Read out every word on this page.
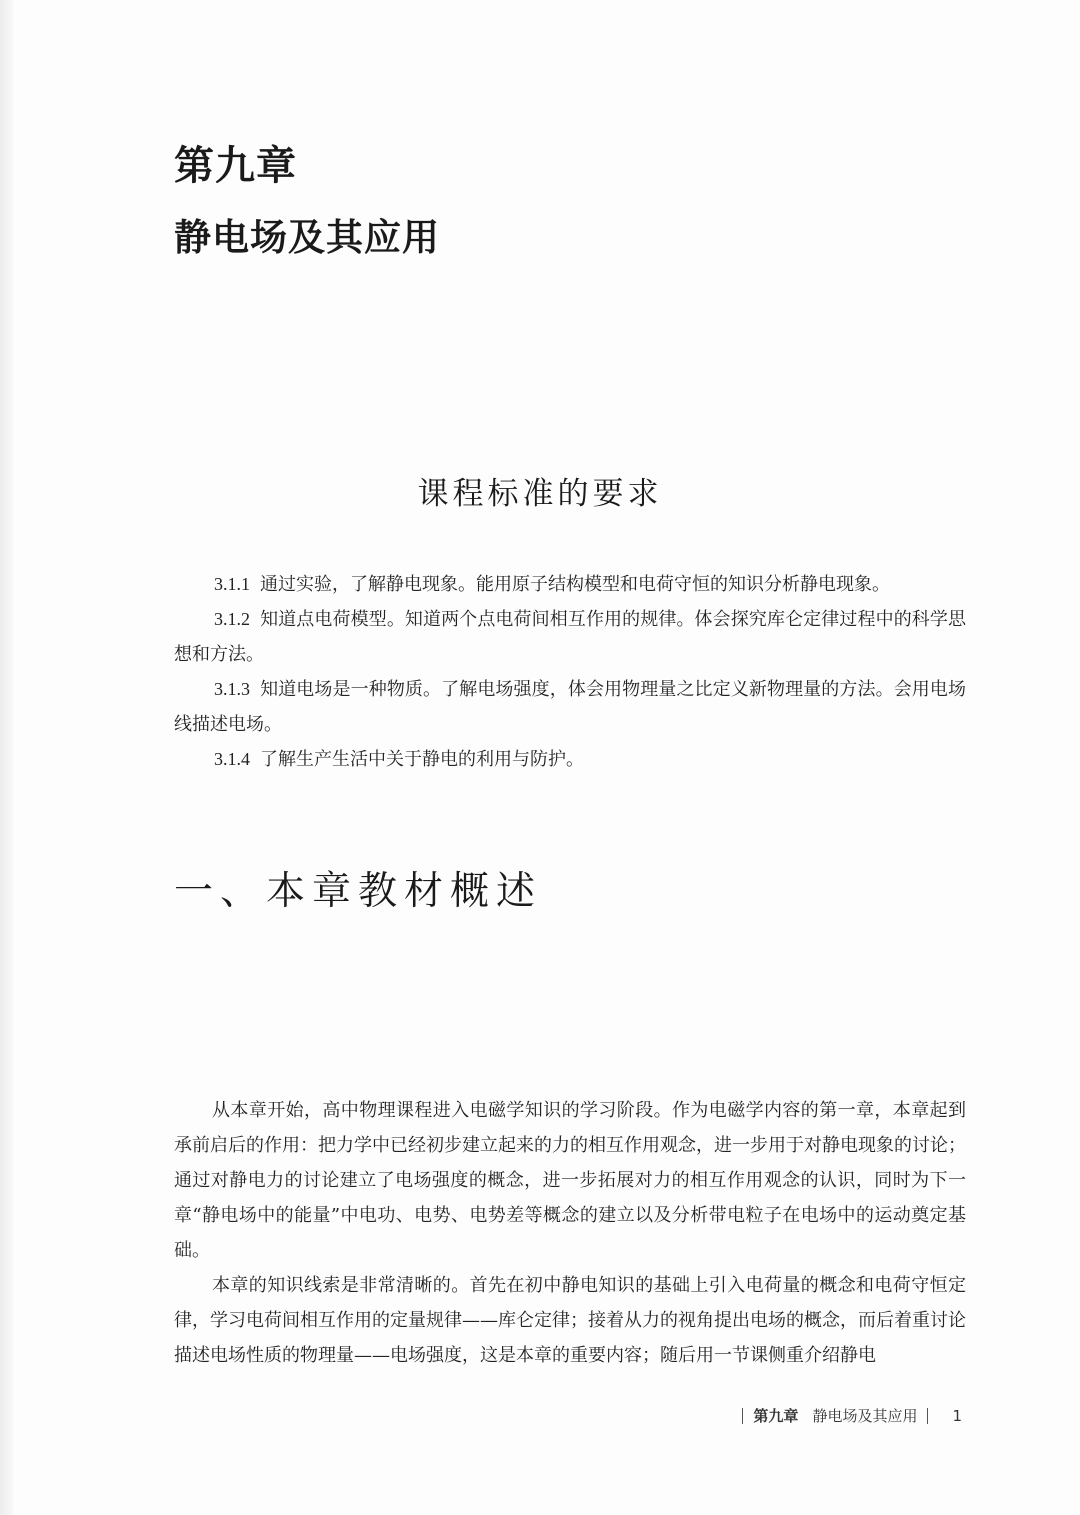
第九章
静电场及其应用
课程标准的要求

3.1.1 通过实验，了解静电现象。能用原子结构模型和电荷守恒的知识分析静电现象。

3.1.2 知道点电荷模型。知道两个点电荷间相互作用的规律。体会探究库仑定律过程中的科学思想和方法。

3.1.3 知道电场是一种物质。了解电场强度，体会用物理量之比定义新物理量的方法。会用电场线描述电场。

3.1.4 了解生产生活中关于静电的利用与防护。

一、本章教材概述

从本章开始，高中物理课程进入电磁学知识的学习阶段。作为电磁学内容的第一章，本章起到承前启后的作用：把力学中已经初步建立起来的力的相互作用观念，进一步用于对静电现象的讨论；通过对静电力的讨论建立了电场强度的概念，进一步拓展对力的相互作用观念的认识，同时为下一章“静电场中的能量”中电功、电势、电势差等概念的建立以及分析带电粒子在电场中的运动奠定基础。

本章的知识线索是非常清晰的。首先在初中静电知识的基础上引入电荷量的概念和电荷守恒定律，学习电荷间相互作用的定量规律——库仑定律；接着从力的视角提出电场的概念，而后着重讨论描述电场性质的物理量——电场强度，这是本章的重要内容；随后用一节课侧重介绍静电

第九章 静电场及其应用 1
